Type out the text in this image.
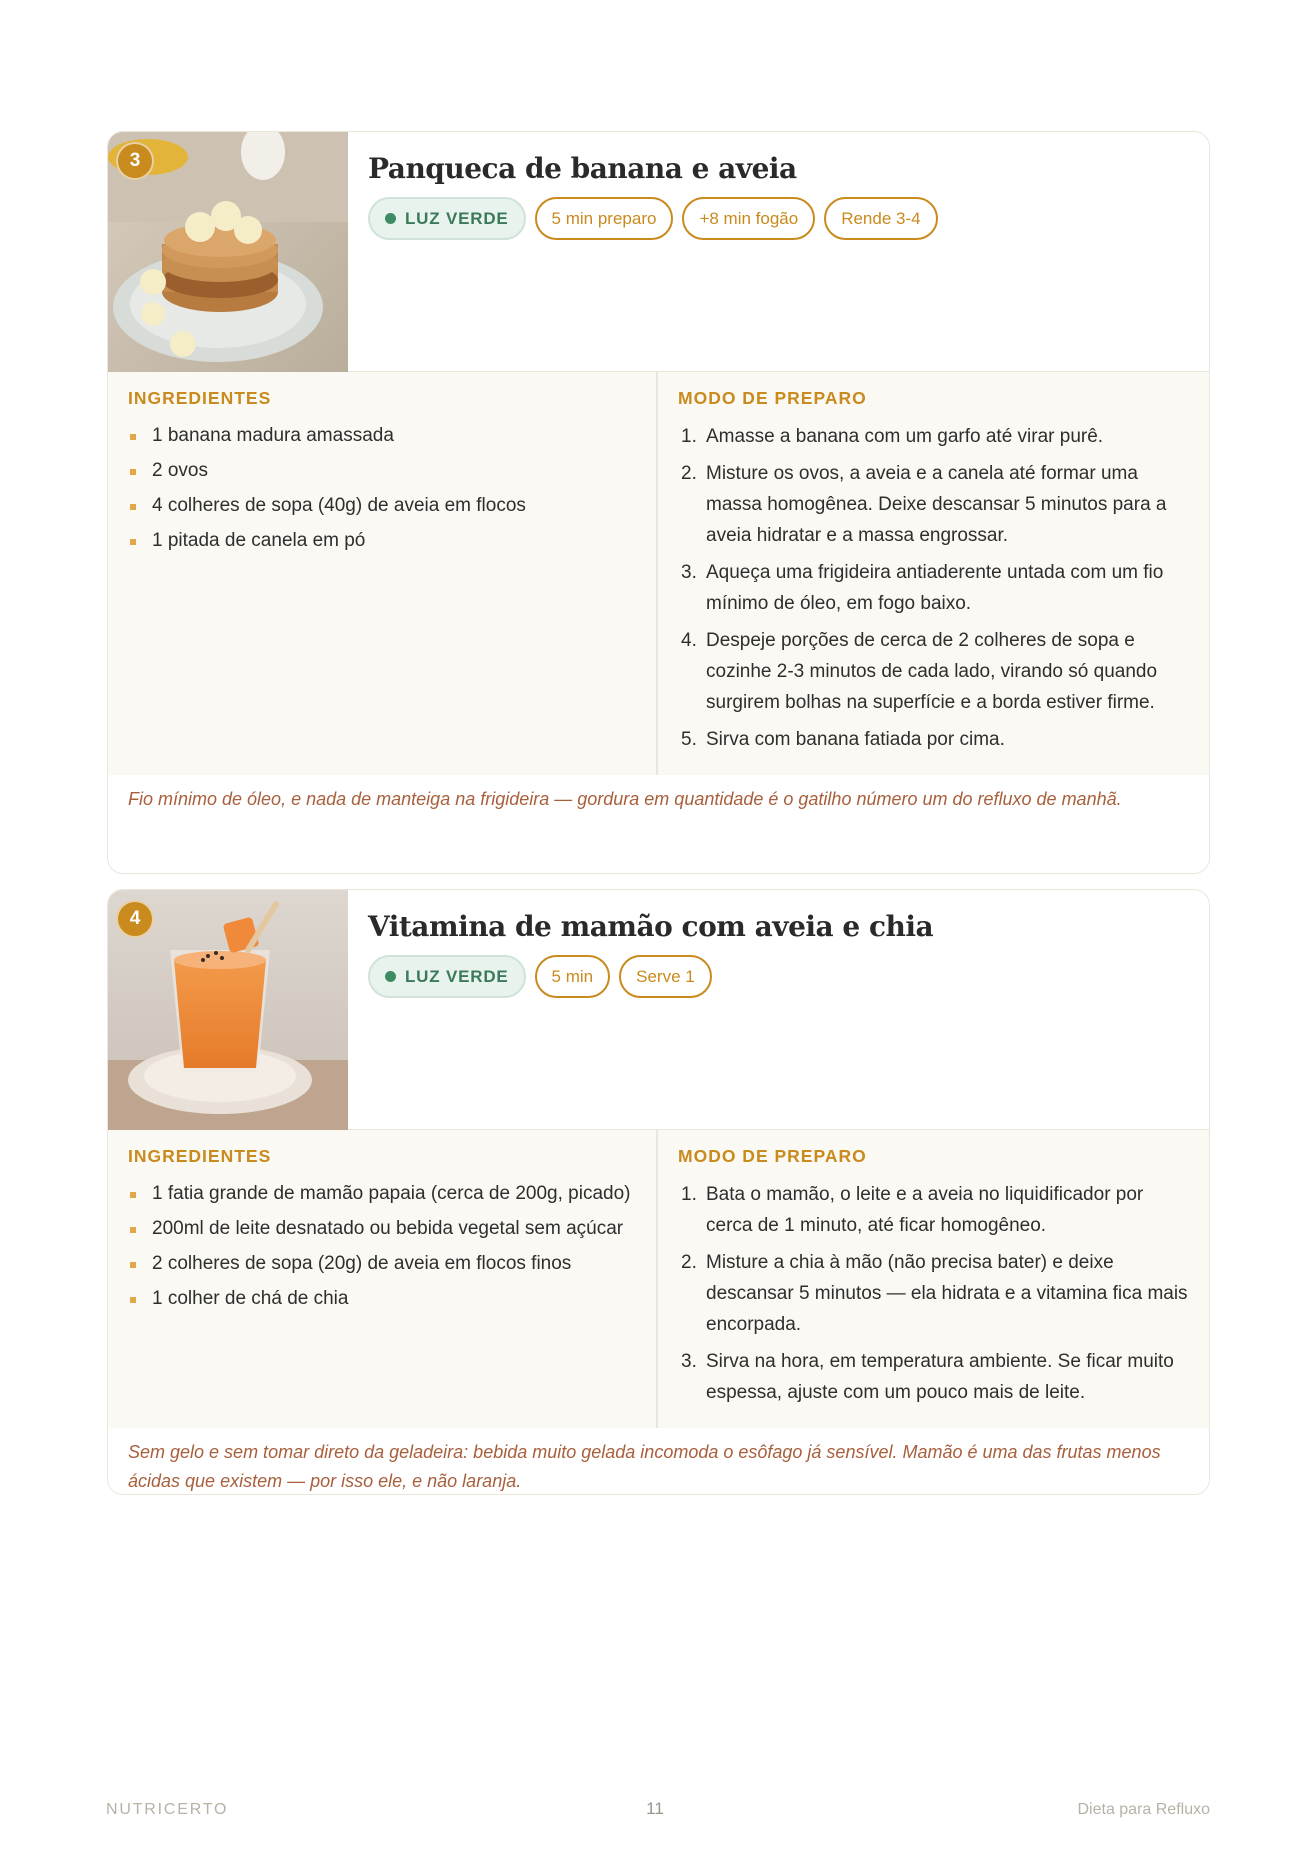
3	Panqueca de banana e aveia
LUZ VERDE	5 min preparo	+8 min fogão	Rende 3-4
INGREDIENTES
1 banana madura amassada
2 ovos
4 colheres de sopa (40g) de aveia em flocos
1 pitada de canela em pó
MODO DE PREPARO
1. Amasse a banana com um garfo até virar purê.
2. Misture os ovos, a aveia e a canela até formar uma massa homogênea. Deixe descansar 5 minutos para a aveia hidratar e a massa engrossar.
3. Aqueça uma frigideira antiaderente untada com um fio mínimo de óleo, em fogo baixo.
4. Despeje porções de cerca de 2 colheres de sopa e cozinhe 2-3 minutos de cada lado, virando só quando surgirem bolhas na superfície e a borda estiver firme.
5. Sirva com banana fatiada por cima.
Fio mínimo de óleo, e nada de manteiga na frigideira — gordura em quantidade é o gatilho número um do refluxo de manhã.
4	Vitamina de mamão com aveia e chia
LUZ VERDE	5 min	Serve 1
INGREDIENTES
1 fatia grande de mamão papaia (cerca de 200g, picado)
200ml de leite desnatado ou bebida vegetal sem açúcar
2 colheres de sopa (20g) de aveia em flocos finos
1 colher de chá de chia
MODO DE PREPARO
1. Bata o mamão, o leite e a aveia no liquidificador por cerca de 1 minuto, até ficar homogêneo.
2. Misture a chia à mão (não precisa bater) e deixe descansar 5 minutos — ela hidrata e a vitamina fica mais encorpada.
3. Sirva na hora, em temperatura ambiente. Se ficar muito espessa, ajuste com um pouco mais de leite.
Sem gelo e sem tomar direto da geladeira: bebida muito gelada incomoda o esôfago já sensível. Mamão é uma das frutas menos ácidas que existem — por isso ele, e não laranja.
NUTRICERTO	11	Dieta para Refluxo
